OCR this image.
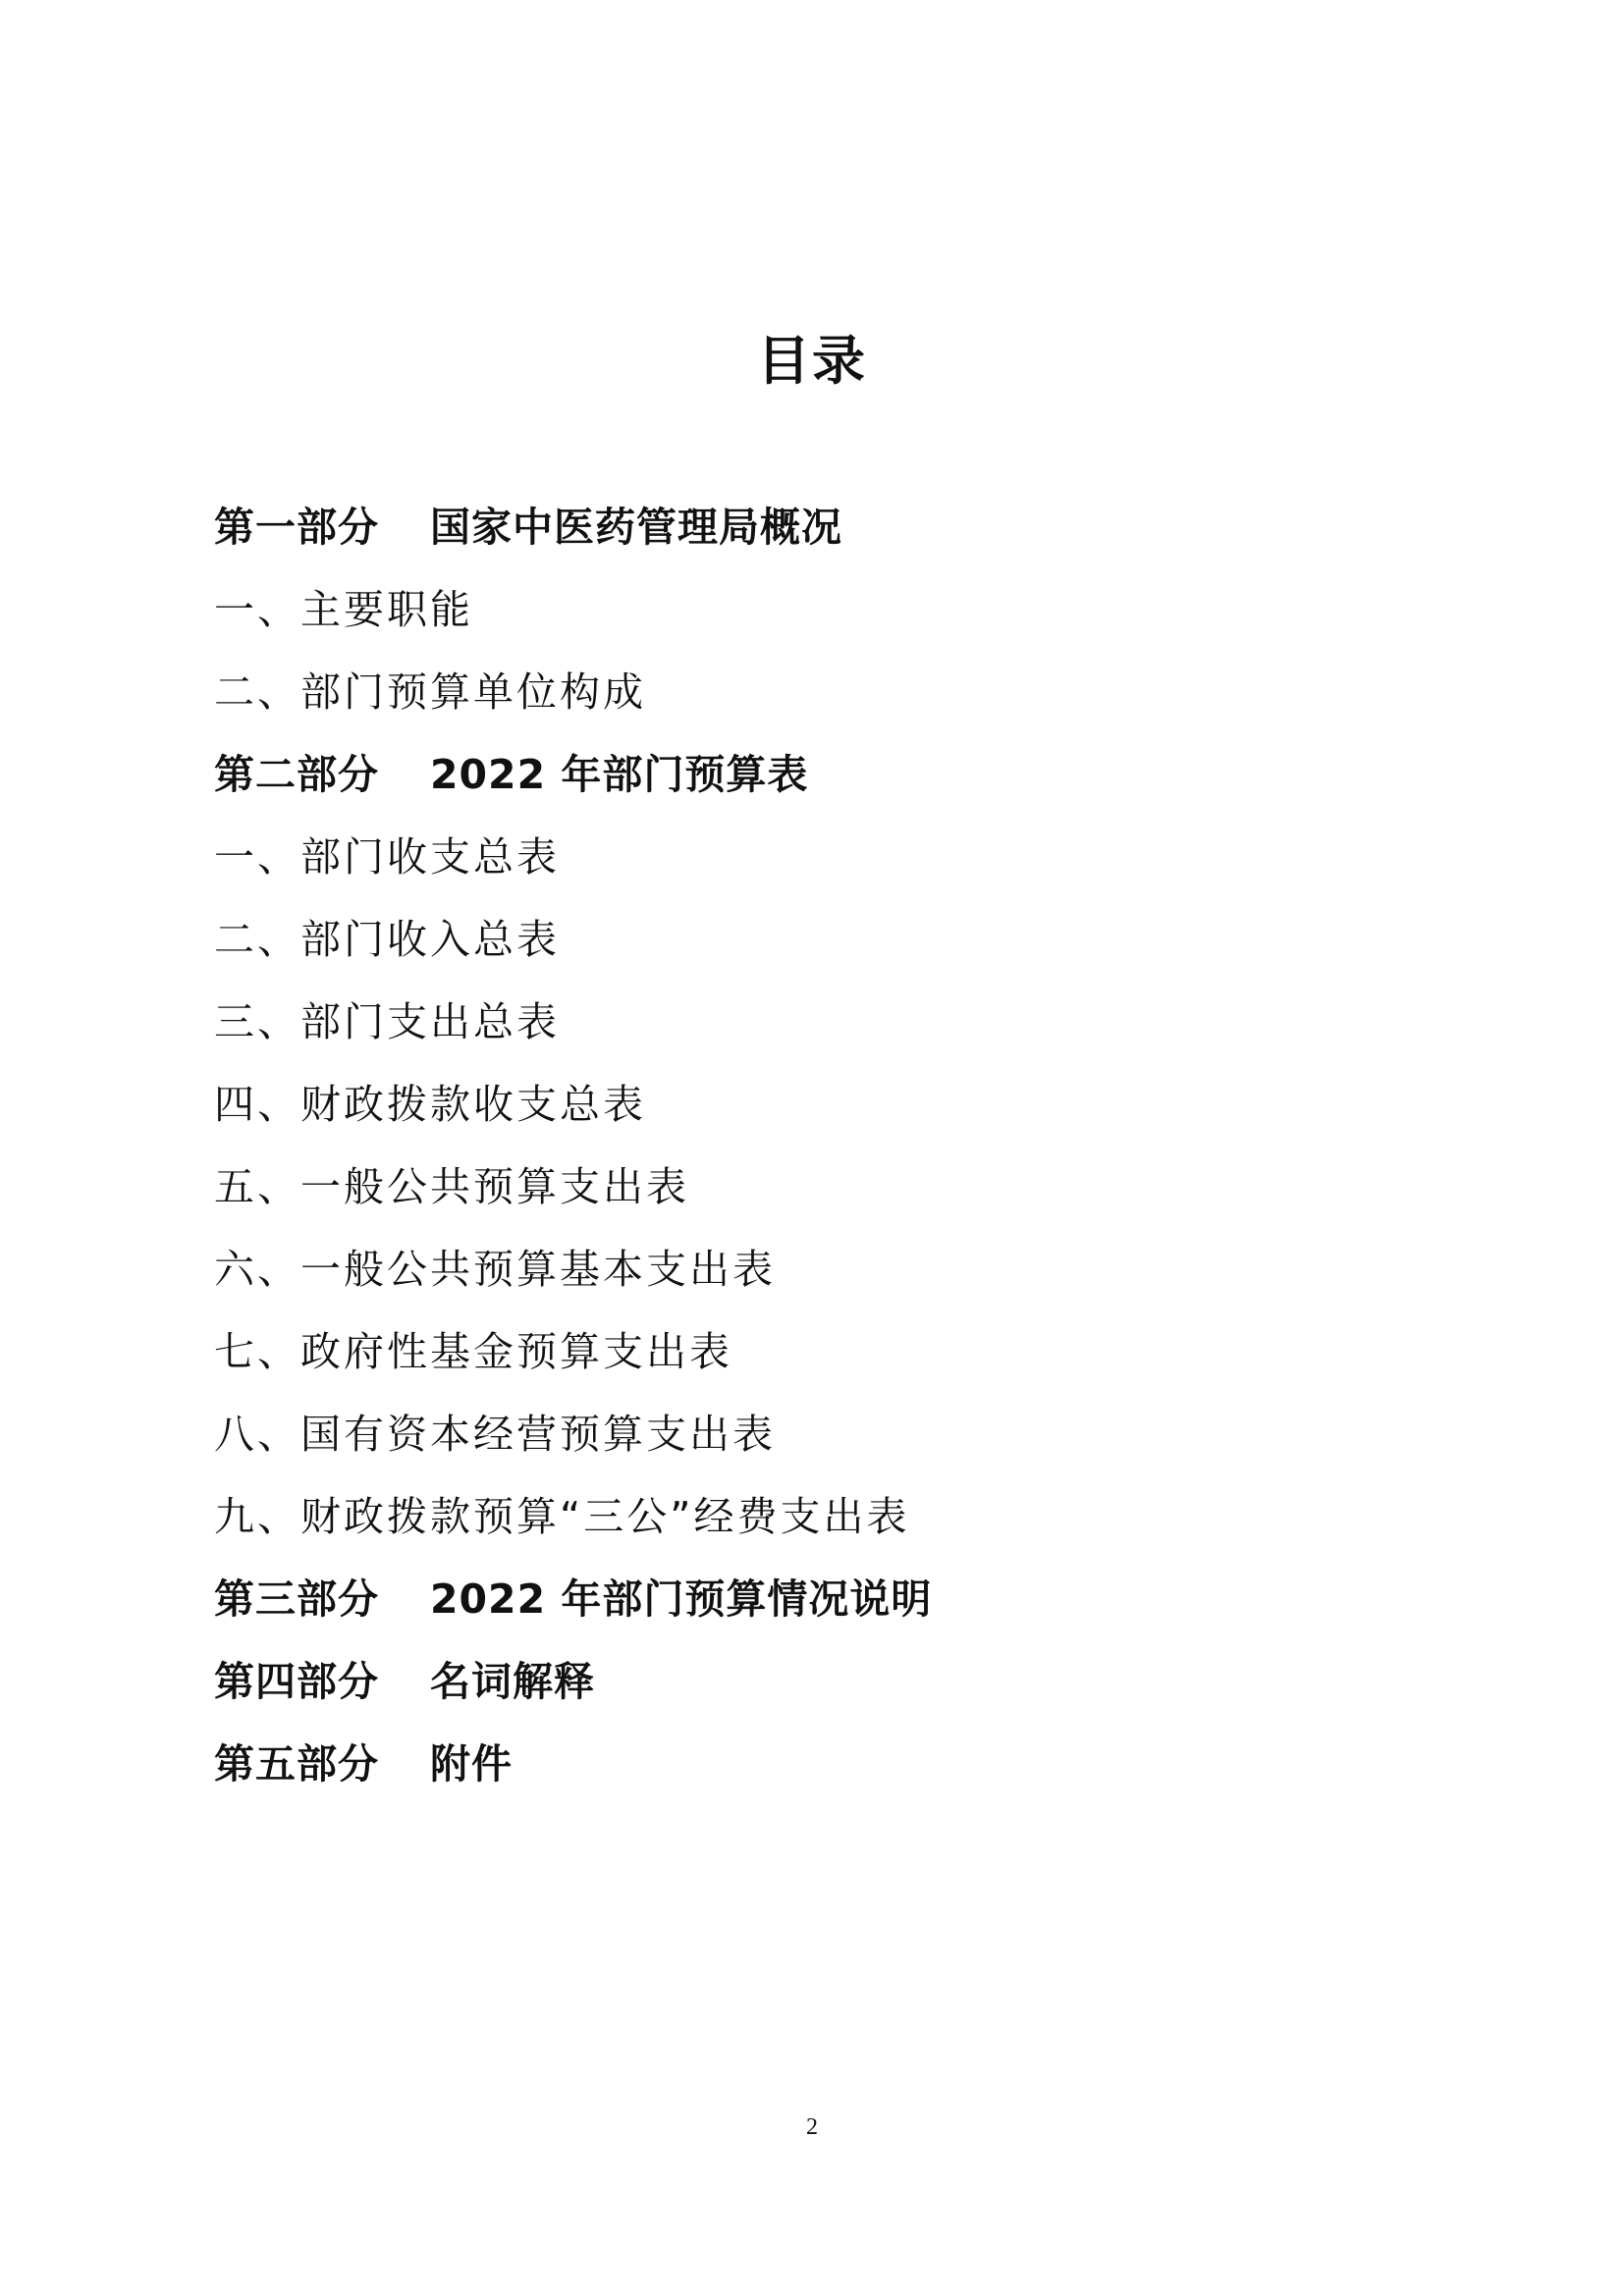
目录
第一部分 国家中医药管理局概况
一、主要职能
二、部门预算单位构成
第二部分 2022 年部门预算表
一、部门收支总表
二、部门收入总表
三、部门支出总表
四、财政拨款收支总表
五、一般公共预算支出表
六、一般公共预算基本支出表
七、政府性基金预算支出表
八、国有资本经营预算支出表
九、财政拨款预算“三公”经费支出表
第三部分 2022 年部门预算情况说明
第四部分 名词解释
第五部分 附件
2
